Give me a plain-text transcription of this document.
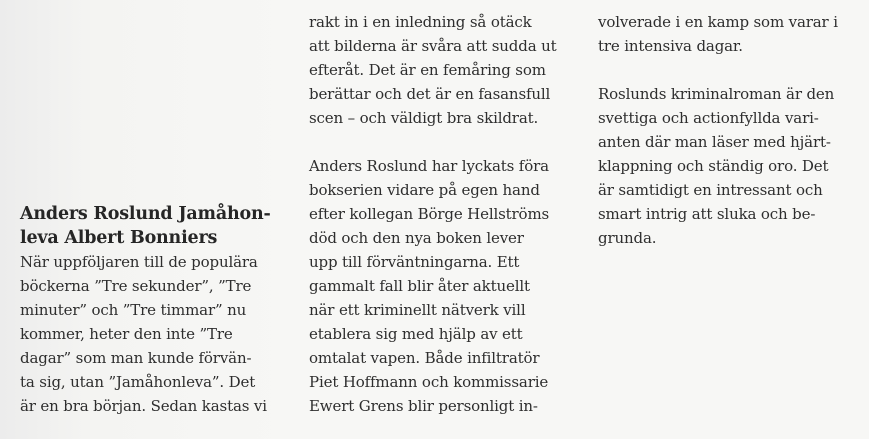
Anders Roslund Jamåhon-
leva Albert Bonniers
När uppföljaren till de populära
böckerna ”Tre sekunder”, ”Tre
minuter” och ”Tre timmar” nu
kommer, heter den inte ”Tre
dagar” som man kunde förvän-
ta sig, utan ”Jamåhonleva”. Det
är en bra början. Sedan kastas vi
rakt in i en inledning så otäck
att bilderna är svåra att sudda ut
efteråt. Det är en femåring som
berättar och det är en fasansfull
scen – och väldigt bra skildrat.
Anders Roslund har lyckats föra
bokserien vidare på egen hand
efter kollegan Börge Hellströms
död och den nya boken lever
upp till förväntningarna. Ett
gammalt fall blir åter aktuellt
när ett kriminellt nätverk vill
etablera sig med hjälp av ett
omtalat vapen. Både infiltratör
Piet Hoffmann och kommissarie
Ewert Grens blir personligt in-
volverade i en kamp som varar i
tre intensiva dagar.
Roslunds kriminalroman är den
svettiga och actionfyllda vari-
anten där man läser med hjärt-
klappning och ständig oro. Det
är samtidigt en intressant och
smart intrig att sluka och be-
grunda.
